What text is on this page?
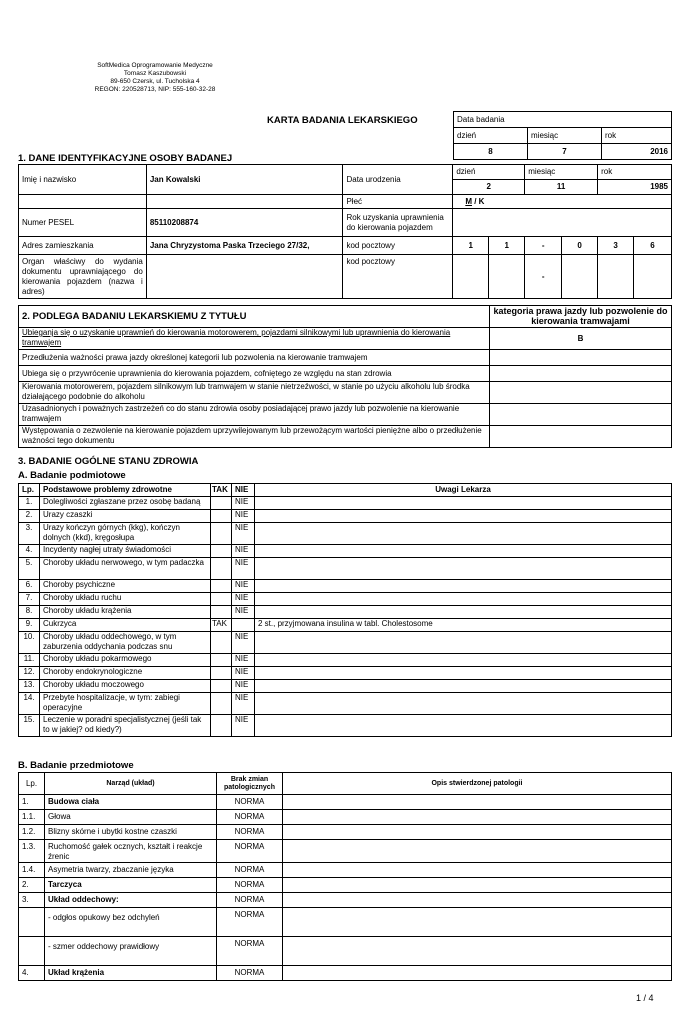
SoftMedica Oprogramowanie Medyczne
Tomasz Kaszubowski
89-650 Czersk, ul. Tucholska 4
REGON: 220528713, NIP: 555-160-32-28
KARTA BADANIA LEKARSKIEGO	Data badania		
dzień	miesiąc	rok
8	7	2016
1. DANE IDENTYFIKACYJNE OSOBY BADANEJ
Imię i nazwisko	Jan Kowalski	Data urodzenia	dzień		miesiąc		rok	
			2		11		1985	
		Płeć	M / K					
Numer PESEL	85110208874	Rok uzyskania uprawnienia do kierowania pojazdem						
Adres zamieszkania	Jana Chryzystoma Paska Trzeciego 27/32,	kod pocztowy	1	1	-	0	3	6
Organ właściwy do wydania dokumentu uprawniającego do kierowania pojazdem (nazwa i adres)		kod pocztowy			-			
2. PODLEGA BADANIU LEKARSKIEMU Z TYTUŁU	kategoria prawa jazdy lub pozwolenie do kierowania tramwajami
Ubieganja się o uzyskanie uprawnień do kierowania motorowerem, pojazdami silnikowymi lub uprawnienia do kierowania tramwajem	B
Przedłużenia ważności prawa jazdy określonej kategorii lub pozwolenia na kierowanie tramwajem	
Ubiega się o przywrócenie uprawnienia do kierowania pojazdem, cofniętego ze względu na stan zdrowia	
Kierowania motorowerem, pojazdem silnikowym lub tramwajem w stanie nietrzeźwości, w stanie po użyciu alkoholu lub środka działającego podobnie do alkoholu	
Uzasadnionych i poważnych zastrzeżeń co do stanu zdrowia osoby posiadającej prawo jazdy lub pozwolenie na kierowanie tramwajem	
Występowania o zezwolenie na kierowanie pojazdem uprzywilejowanym lub przewożącym wartości pieniężne albo o przedłużenie ważności tego dokumentu	
3. BADANIE OGÓLNE STANU ZDROWIA
A. Badanie podmiotowe
Lp.	Podstawowe problemy zdrowotne	TAK	NIE	Uwagi Lekarza
1.	Dolegliwości zgłaszane przez osobę badaną		NIE	
2.	Urazy czaszki		NIE	
3.	Urazy kończyn górnych (kkg), kończyn dolnych (kkd), kręgosłupa		NIE	
4.	Incydenty nagłej utraty świadomości		NIE	
5.	Choroby układu nerwowego, w tym padaczka		NIE	
6.	Choroby psychiczne		NIE	
7.	Choroby układu ruchu		NIE	
8.	Choroby układu krążenia		NIE	
9.	Cukrzyca	TAK		2 st., przyjmowana insulina w tabl. Cholestosome
10.	Choroby układu oddechowego, w tym zaburzenia oddychania podczas snu		NIE	
11.	Choroby układu pokarmowego		NIE	
12.	Choroby endokrynologiczne		NIE	
13.	Choroby układu moczowego		NIE	
14.	Przebyte hospitalizacje, w tym: zabiegi operacyjne		NIE	
15.	Leczenie w poradni specjalistycznej (jeśli tak to w jakiej? od kiedy?)		NIE	
B. Badanie przedmiotowe
Lp.	Narząd (układ)	Brak zmian patologicznych	Opis stwierdzonej patologii
1.	Budowa ciała	NORMA	
1.1.	Głowa	NORMA	
1.2.	Blizny skórne i ubytki kostne czaszki	NORMA	
1.3.	Ruchomość gałek ocznych, kształt i reakcje źrenic	NORMA	
1.4.	Asymetria twarzy, zbaczanie języka	NORMA	
2.	Tarczyca	NORMA	
3.	Układ oddechowy:	NORMA	
	- odgłos opukowy bez odchyleń	NORMA	
	- szmer oddechowy prawidłowy	NORMA	
4.	Układ krążenia	NORMA	
1 / 4
